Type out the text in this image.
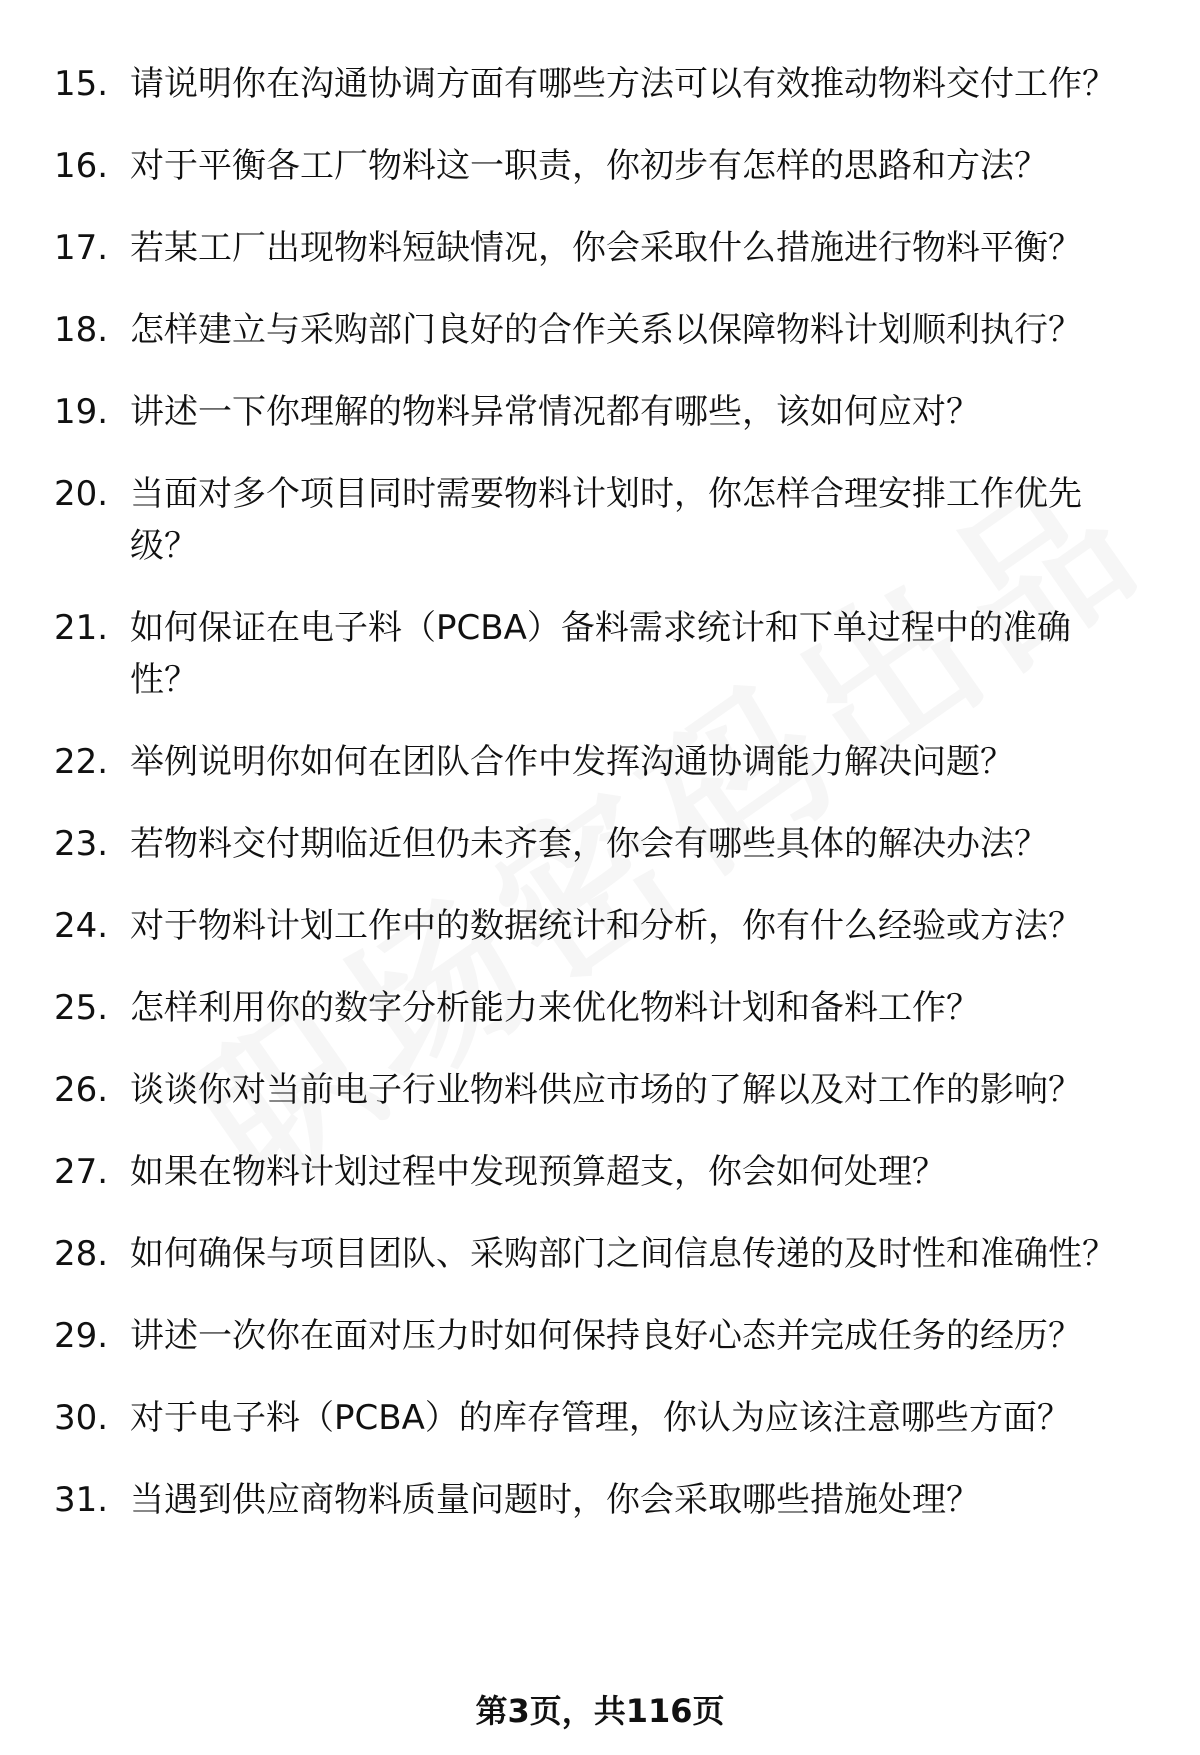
15. 请说明你在沟通协调方面有哪些方法可以有效推动物料交付工作？
16. 对于平衡各工厂物料这一职责，你初步有怎样的思路和方法？
17. 若某工厂出现物料短缺情况，你会采取什么措施进行物料平衡？
18. 怎样建立与采购部门良好的合作关系以保障物料计划顺利执行？
19. 讲述一下你理解的物料异常情况都有哪些，该如何应对？
20. 当面对多个项目同时需要物料计划时，你怎样合理安排工作优先级？
21. 如何保证在电子料（PCBA）备料需求统计和下单过程中的准确性？
22. 举例说明你如何在团队合作中发挥沟通协调能力解决问题？
23. 若物料交付期临近但仍未齐套，你会有哪些具体的解决办法？
24. 对于物料计划工作中的数据统计和分析，你有什么经验或方法？
25. 怎样利用你的数字分析能力来优化物料计划和备料工作？
26. 谈谈你对当前电子行业物料供应市场的了解以及对工作的影响？
27. 如果在物料计划过程中发现预算超支，你会如何处理？
28. 如何确保与项目团队、采购部门之间信息传递的及时性和准确性？
29. 讲述一次你在面对压力时如何保持良好心态并完成任务的经历？
30. 对于电子料（PCBA）的库存管理，你认为应该注意哪些方面？
31. 当遇到供应商物料质量问题时，你会采取哪些措施处理？
第3页，共116页
